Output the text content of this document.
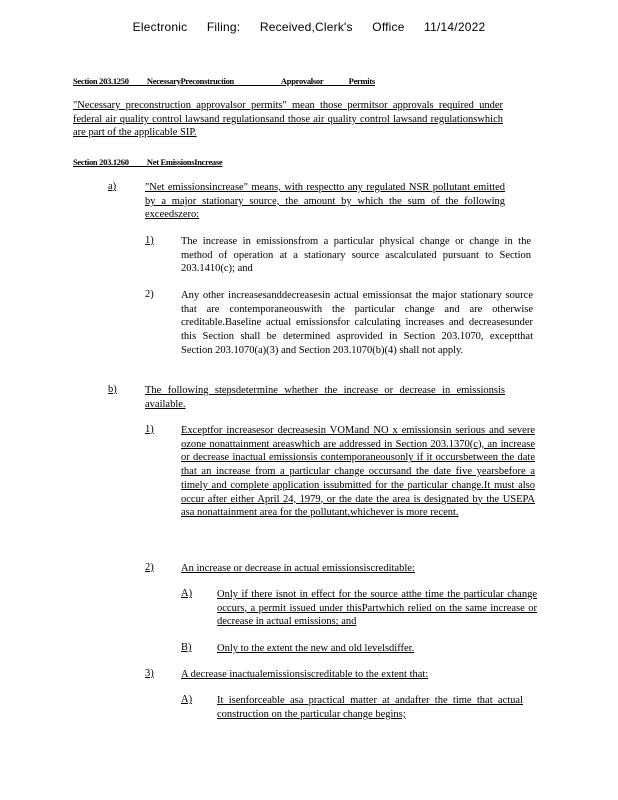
Electronic Filing: Received,Clerk's Office 11/14/2022
Section 203.1250          NecessaryPreconstruction                          Approvalsor              Permits
"Necessary preconstruction approvalsor permits" mean those permitsor approvals required under federal air quality control lawsand regulationsand those air quality control lawsand regulationswhich are part of the applicable SIP.
Section 203.1260          Net EmissionsIncrease
a)	"Net emissionsincrease" means, with respectto any regulated NSR pollutant emitted by a major stationary source, the amount by which the sum of the following exceedszero:
1)	The increase in emissionsfrom a particular physical change or change in the method of operation at a stationary source ascalculated pursuant to Section 203.1410(c); and
2)	Any other increasesanddecreasesin actual emissionsat the major stationary source that are contemporaneouswith the particular change and are otherwise creditable.Baseline actual emissionsfor calculating increases and decreasesunder this Section shall be determined asprovided in Section 203.1070, exceptthat Section 203.1070(a)(3) and Section 203.1070(b)(4) shall not apply.
b)	The following stepsdetermine whether the increase or decrease in emissionsis available.
1)	Exceptfor increasesor decreasesin VOMand NO x emissionsin serious and severe ozone nonattainment areaswhich are addressed in Section 203.1370(c), an increase or decrease inactual emissionsis contemporaneousonly if it occursbetween the date that an increase from a particular change occursand the date five yearsbefore a timely and complete application issubmitted for the particular change.It must also occur after either April 24, 1979, or the date the area is designated by the USEPA asa nonattainment area for the pollutant,whichever is more recent.
2)	An increase or decrease in actual emissionsiscreditable:
A) Only if there isnot in effect for the source atthe time the particular change occurs, a permit issued under thisPartwhich relied on the same increase or decrease in actual emissions; and
B) Only to the extent the new and old levelsdiffer.
3)	A decrease inactualemissionsiscreditable to the extent that:
A) It isenforceable asa practical matter at andafter the time that actual construction on the particular change begins;
